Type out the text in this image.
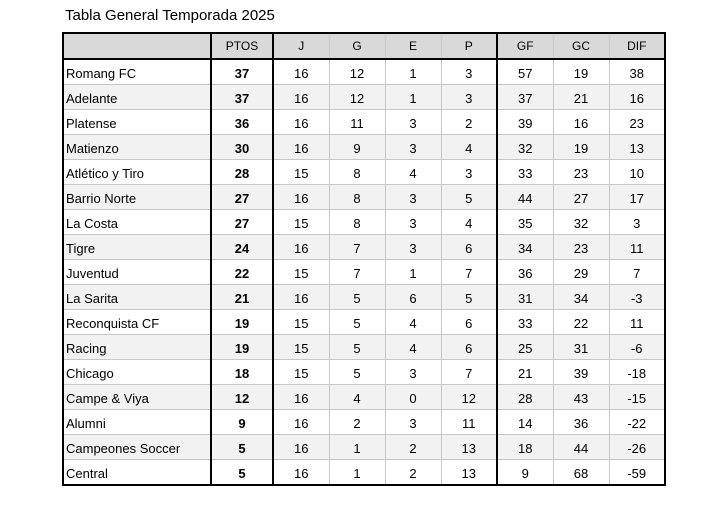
Tabla General Temporada 2025
	PTOS	J	G	E	P	GF	GC	DIF
Romang FC	37	16	12	1	3	57	19	38
Adelante	37	16	12	1	3	37	21	16
Platense	36	16	11	3	2	39	16	23
Matienzo	30	16	9	3	4	32	19	13
Atlético y Tiro	28	15	8	4	3	33	23	10
Barrio Norte	27	16	8	3	5	44	27	17
La Costa	27	15	8	3	4	35	32	3
Tigre	24	16	7	3	6	34	23	11
Juventud	22	15	7	1	7	36	29	7
La Sarita	21	16	5	6	5	31	34	-3
Reconquista CF	19	15	5	4	6	33	22	11
Racing	19	15	5	4	6	25	31	-6
Chicago	18	15	5	3	7	21	39	-18
Campe & Viya	12	16	4	0	12	28	43	-15
Alumni	9	16	2	3	11	14	36	-22
Campeones Soccer	5	16	1	2	13	18	44	-26
Central	5	16	1	2	13	9	68	-59
